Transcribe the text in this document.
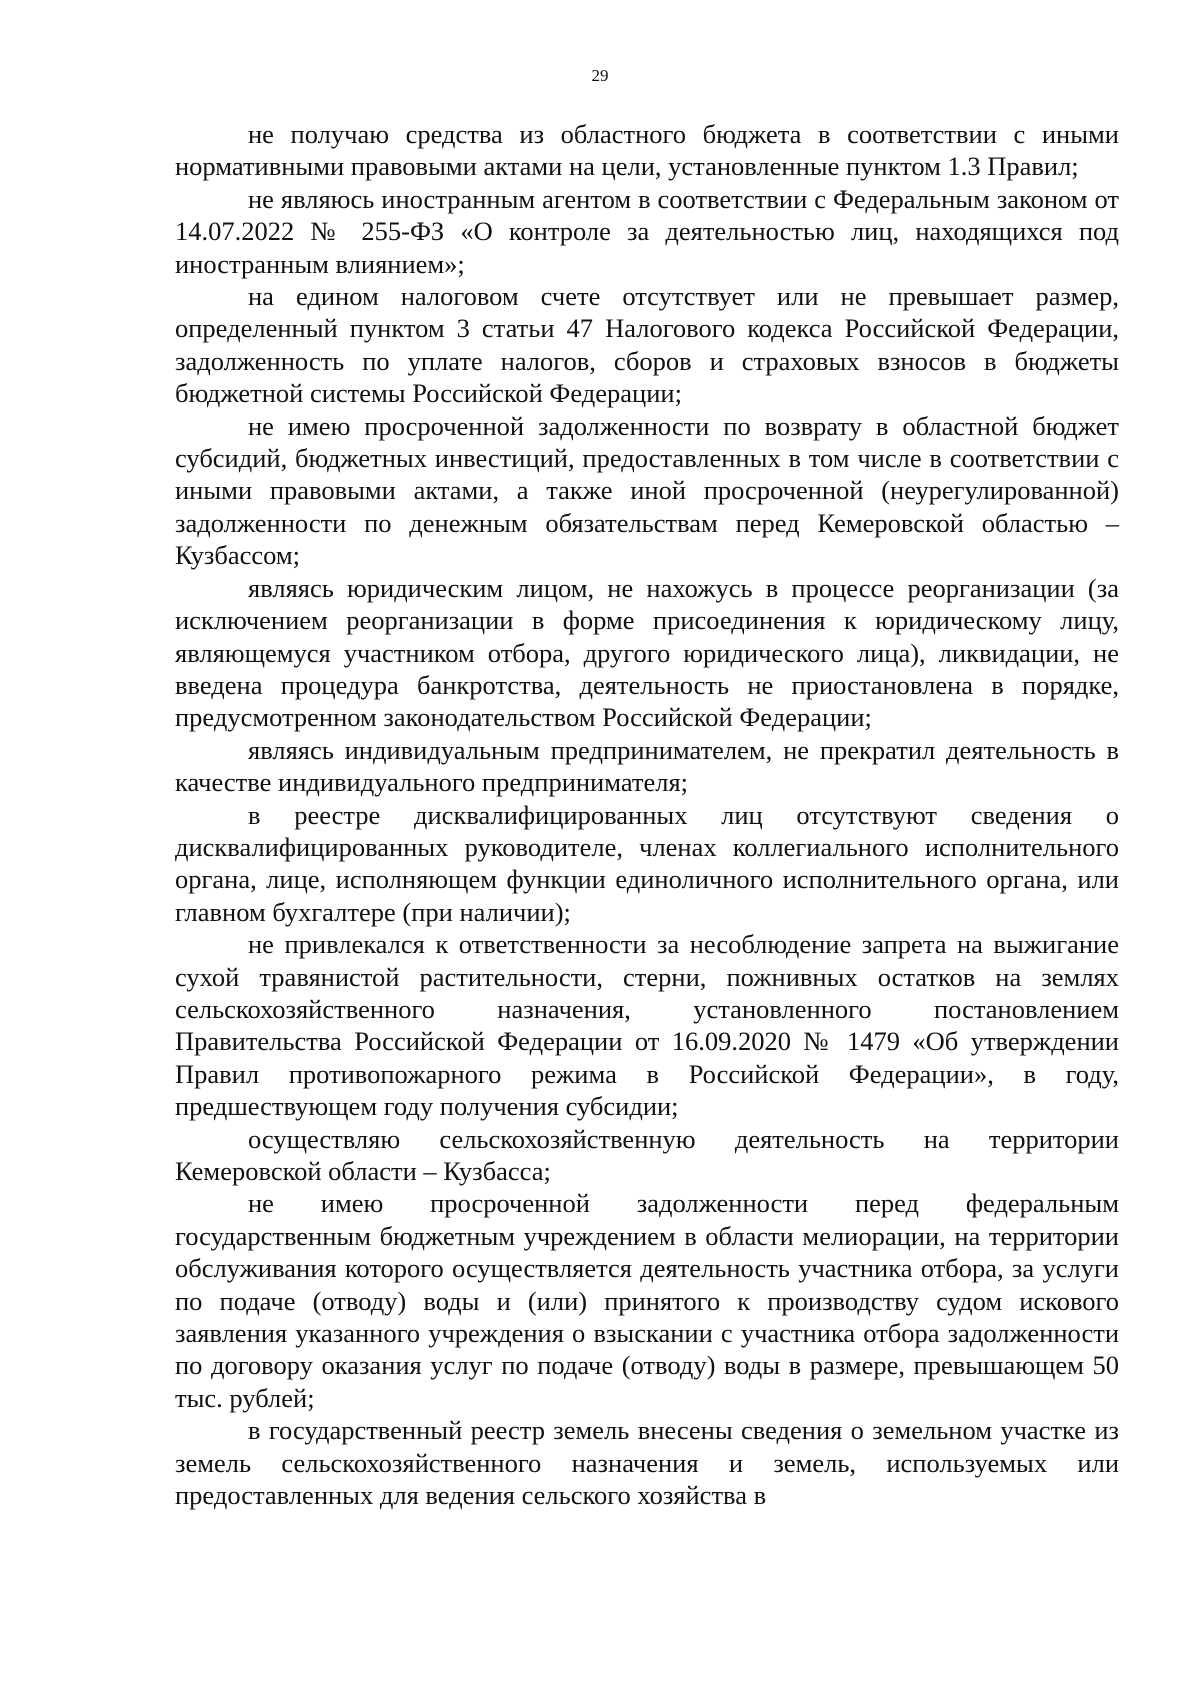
29

не получаю средства из областного бюджета в соответствии с иными нормативными правовыми актами на цели, установленные пунктом 1.3 Правил;

не являюсь иностранным агентом в соответствии с Федеральным законом от 14.07.2022 № 255-ФЗ «О контроле за деятельностью лиц, находящихся под иностранным влиянием»;

на едином налоговом счете отсутствует или не превышает размер, определенный пунктом 3 статьи 47 Налогового кодекса Российской Федерации, задолженность по уплате налогов, сборов и страховых взносов в бюджеты бюджетной системы Российской Федерации;

не имею просроченной задолженности по возврату в областной бюджет субсидий, бюджетных инвестиций, предоставленных в том числе в соответствии с иными правовыми актами, а также иной просроченной (неурегулированной) задолженности по денежным обязательствам перед Кемеровской областью – Кузбассом;

являясь юридическим лицом, не нахожусь в процессе реорганизации (за исключением реорганизации в форме присоединения к юридическому лицу, являющемуся участником отбора, другого юридического лица), ликвидации, не введена процедура банкротства, деятельность не приостановлена в порядке, предусмотренном законодательством Российской Федерации;

являясь индивидуальным предпринимателем, не прекратил деятельность в качестве индивидуального предпринимателя;

в реестре дисквалифицированных лиц отсутствуют сведения о дисквалифицированных руководителе, членах коллегиального исполнительного органа, лице, исполняющем функции единоличного исполнительного органа, или главном бухгалтере (при наличии);

не привлекался к ответственности за несоблюдение запрета на выжигание сухой травянистой растительности, стерни, пожнивных остатков на землях сельскохозяйственного назначения, установленного постановлением Правительства Российской Федерации от 16.09.2020 № 1479 «Об утверждении Правил противопожарного режима в Российской Федерации», в году, предшествующем году получения субсидии;

осуществляю сельскохозяйственную деятельность на территории Кемеровской области – Кузбасса;

не имею просроченной задолженности перед федеральным государственным бюджетным учреждением в области мелиорации, на территории обслуживания которого осуществляется деятельность участника отбора, за услуги по подаче (отводу) воды и (или) принятого к производству судом искового заявления указанного учреждения о взыскании с участника отбора задолженности по договору оказания услуг по подаче (отводу) воды в размере, превышающем 50 тыс. рублей;

в государственный реестр земель внесены сведения о земельном участке из земель сельскохозяйственного назначения и земель, используемых или предоставленных для ведения сельского хозяйства в
